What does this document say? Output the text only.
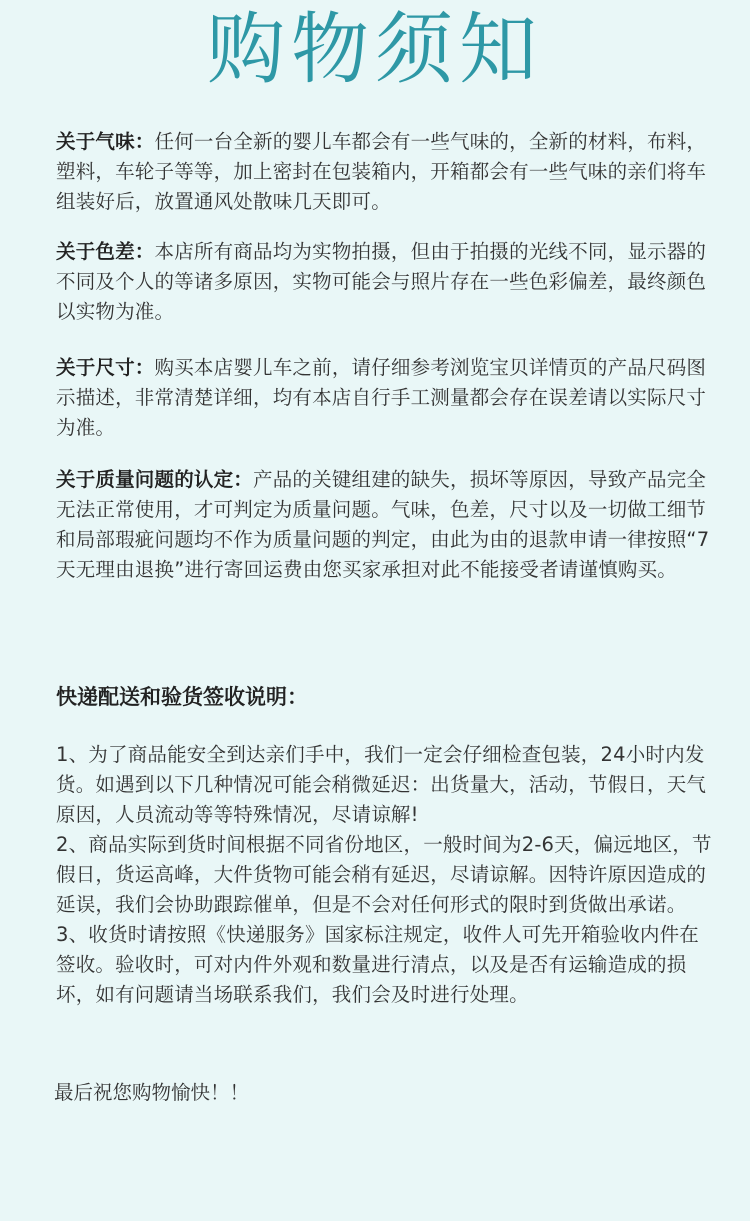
购物须知
关于气味：任何一台全新的婴儿车都会有一些气味的，全新的材料，布料，塑料，车轮子等等，加上密封在包装箱内，开箱都会有一些气味的亲们将车组装好后，放置通风处散味几天即可。
关于色差：本店所有商品均为实物拍摄，但由于拍摄的光线不同，显示器的不同及个人的等诸多原因，实物可能会与照片存在一些色彩偏差，最终颜色以实物为准。
关于尺寸：购买本店婴儿车之前，请仔细参考浏览宝贝详情页的产品尺码图示描述，非常清楚详细，均有本店自行手工测量都会存在误差请以实际尺寸为准。
关于质量问题的认定：产品的关键组建的缺失，损坏等原因，导致产品完全无法正常使用，才可判定为质量问题。气味，色差，尺寸以及一切做工细节和局部瑕疵问题均不作为质量问题的判定，由此为由的退款申请一律按照“7天无理由退换”进行寄回运费由您买家承担对此不能接受者请谨慎购买。
快递配送和验货签收说明：
1、为了商品能安全到达亲们手中，我们一定会仔细检查包装，24小时内发货。如遇到以下几种情况可能会稍微延迟：出货量大，活动，节假日，天气原因，人员流动等等特殊情况，尽请谅解!
2、商品实际到货时间根据不同省份地区，一般时间为2-6天，偏远地区，节假日，货运高峰，大件货物可能会稍有延迟，尽请谅解。因特许原因造成的延误，我们会协助跟踪催单，但是不会对任何形式的限时到货做出承诺。
3、收货时请按照《快递服务》国家标注规定，收件人可先开箱验收内件在签收。验收时，可对内件外观和数量进行清点，以及是否有运输造成的损坏，如有问题请当场联系我们，我们会及时进行处理。
最后祝您购物愉快！！
